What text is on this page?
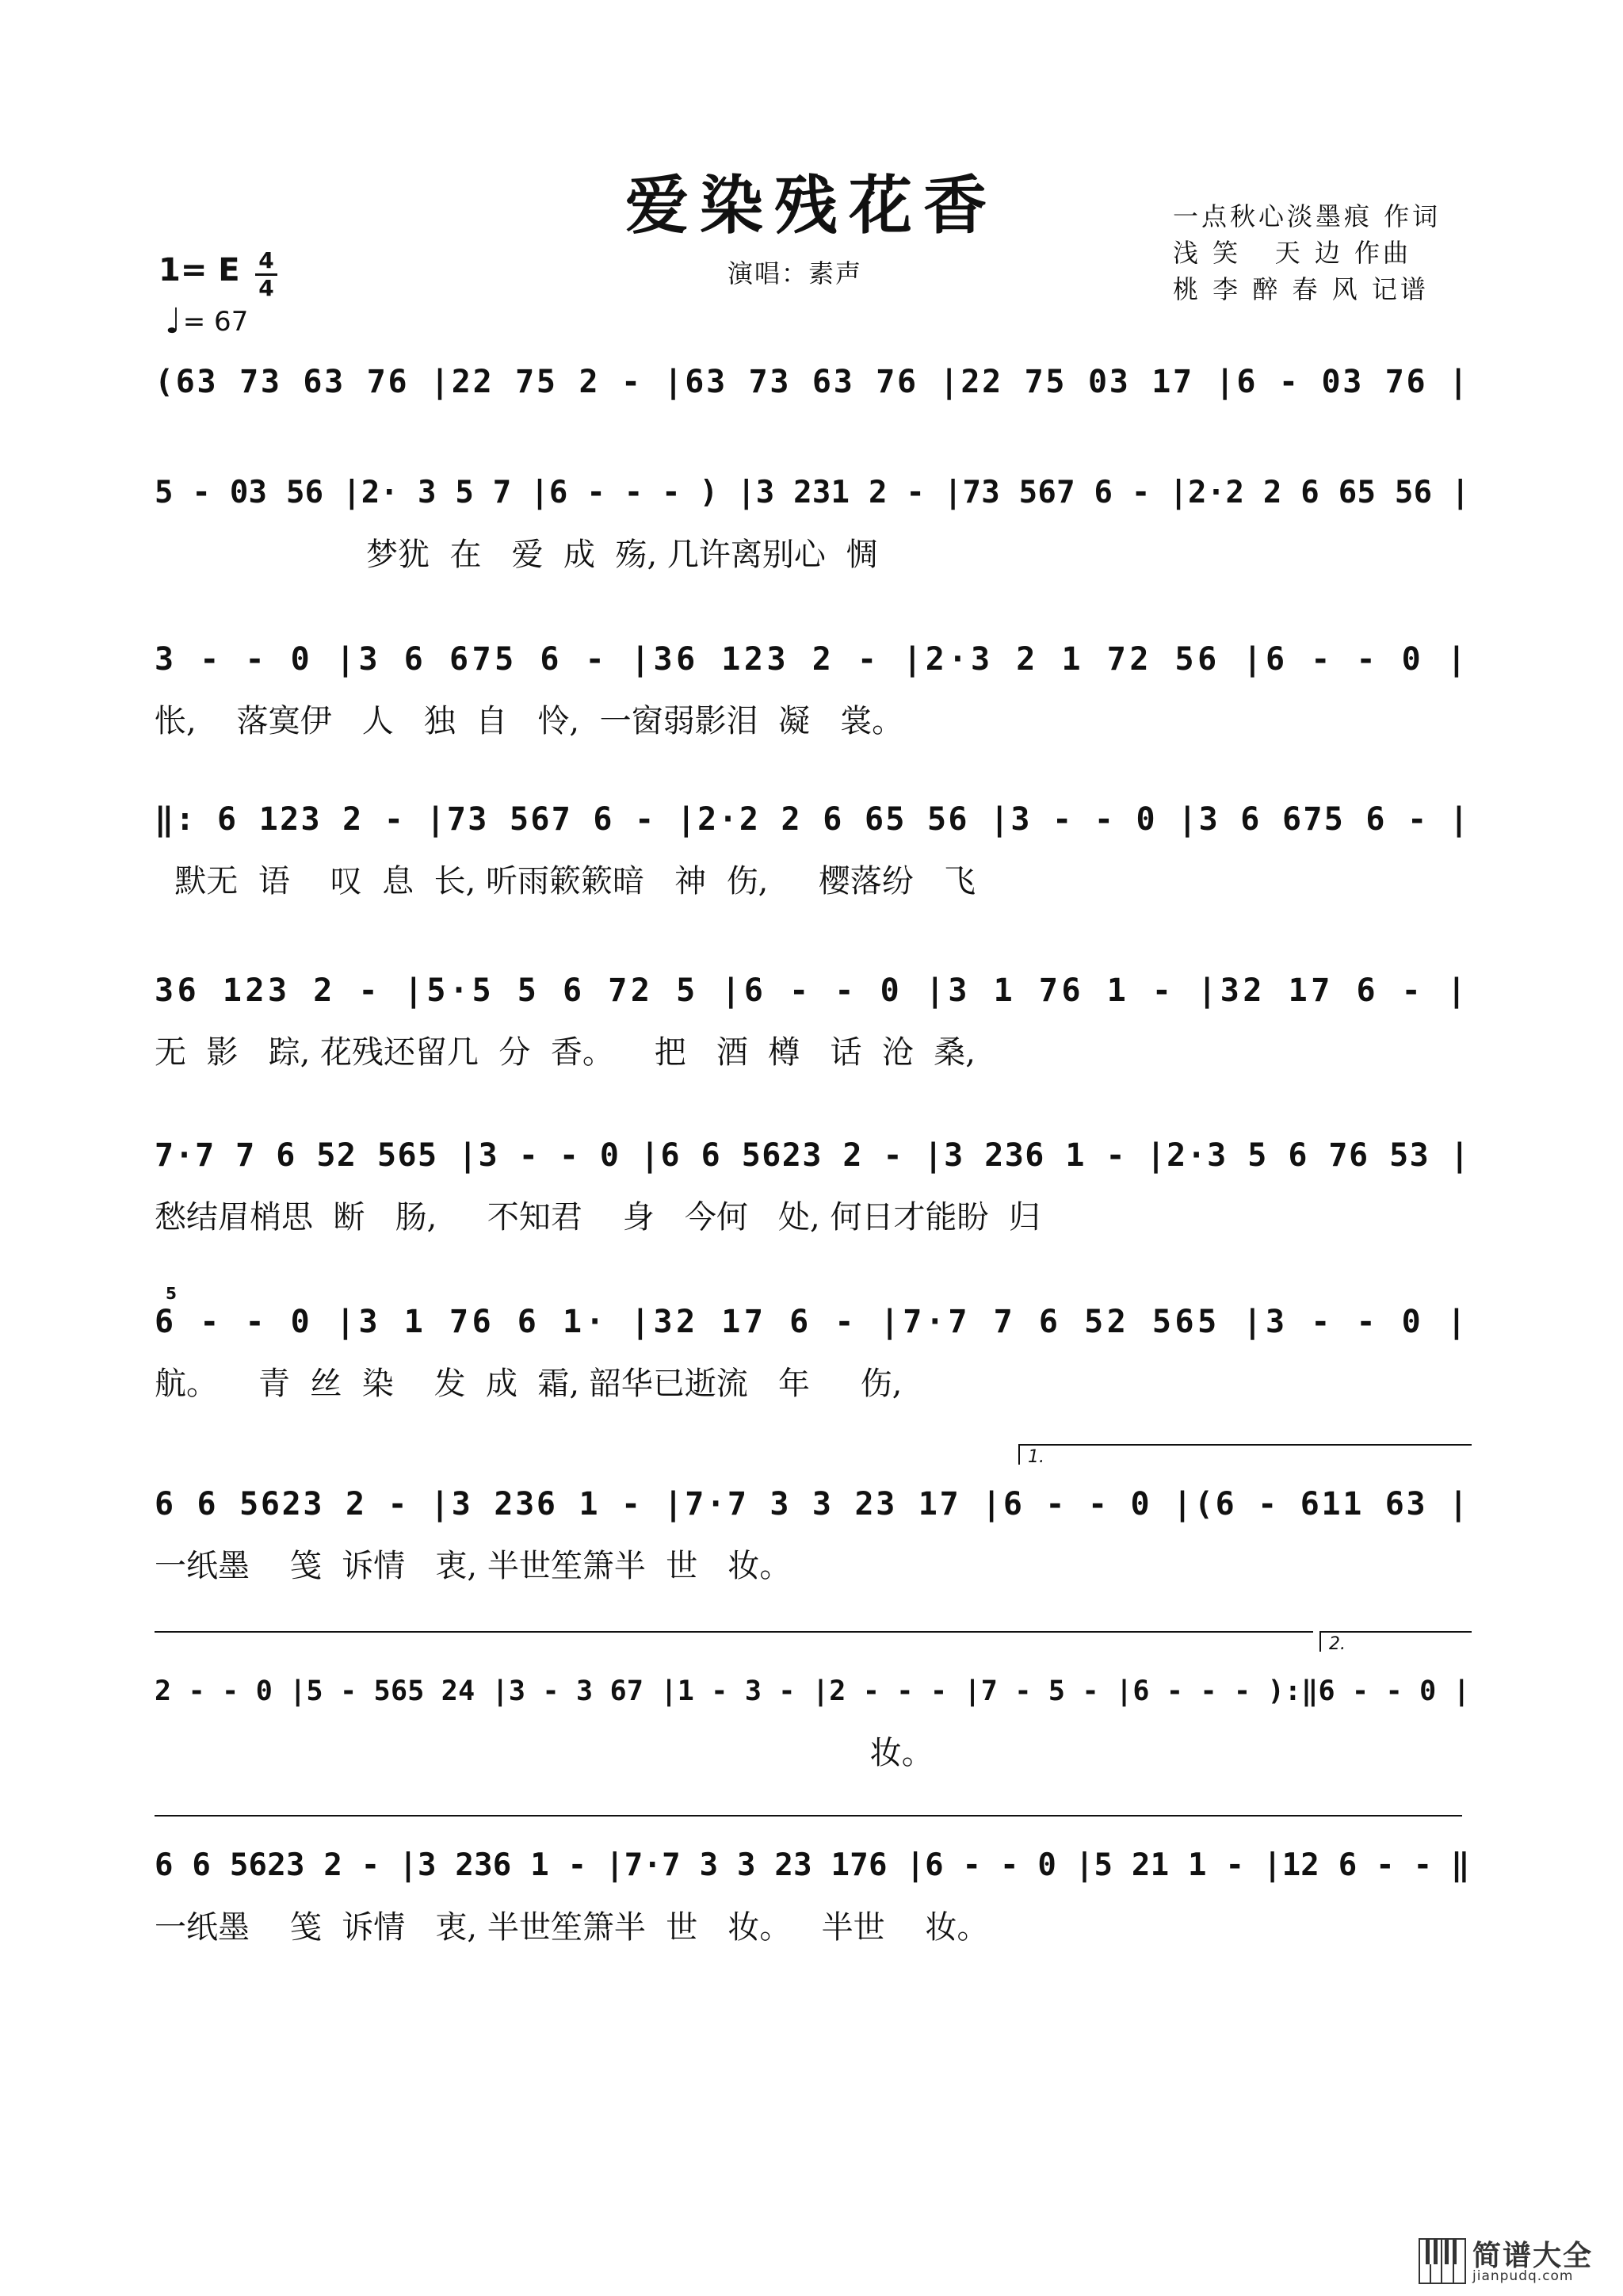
爱染残花香	一点秋心淡墨痕 作词
浅 笑   天 边 作曲
桃 李 醉 春 风 记谱
演唱：素声
1= E 4
4
♩= 67
(63 73 63 76 |22 75 2 - |63 73 63 76 |22 75 03 17 |6 - 03 76 |
5 - 03 56 |2· 3 5 7 |6 - - - ) |3 231 2 - |73 567 6 - |2·2 2 6 65 56 |
梦犹  在   爱  成  殇, 几许离别心  惆
3 - - 0 |3 6 675 6 - |36 123 2 - |2·3 2 1 72 56 |6 - - 0 |
怅,    落寞伊   人   独  自   怜,  一窗弱影泪  凝   裳。
‖: 6 123 2 - |73 567 6 - |2·2 2 6 65 56 |3 - - 0 |3 6 675 6 - |
默无  语    叹  息  长, 听雨簌簌暗   神  伤,     樱落纷   飞
36 123 2 - |5·5 5 6 72 5 |6 - - 0 |3 1 76 1 - |32 17 6 - |
无  影   踪, 花残还留几  分  香。    把   酒  樽   话  沧  桑,
7·7 7 6 52 565 |3 - - 0 |6 6 5623 2 - |3 236 1 - |2·3 5 6 76 53 |
愁结眉梢思  断   肠,     不知君    身   今何   处, 何日才能盼  归
6 - - 0 |3 1 76 6 1· |32 17 6 - |7·7 7 6 52 565 |3 - - 0 |
航。    青  丝  染    发  成  霜, 韶华已逝流   年     伤,
5
1.
6 6 5623 2 - |3 236 1 - |7·7 3 3 23 17 |6 - - 0 |(6 - 611 63 |
一纸墨    笺  诉情   衷, 半世笙箫半  世   妆。
2.
2 - - 0 |5 - 565 24 |3 - 3 67 |1 - 3 - |2 - - - |7 - 5 - |6 - - - ):‖6 - - 0 |
妆。
6 6 5623 2 - |3 236 1 - |7·7 3 3 23 176 |6 - - 0 |5 21 1 - |12 6 - - ‖
一纸墨    笺  诉情   衷, 半世笙箫半  世   妆。   半世    妆。
简谱大全
jianpudq.com
